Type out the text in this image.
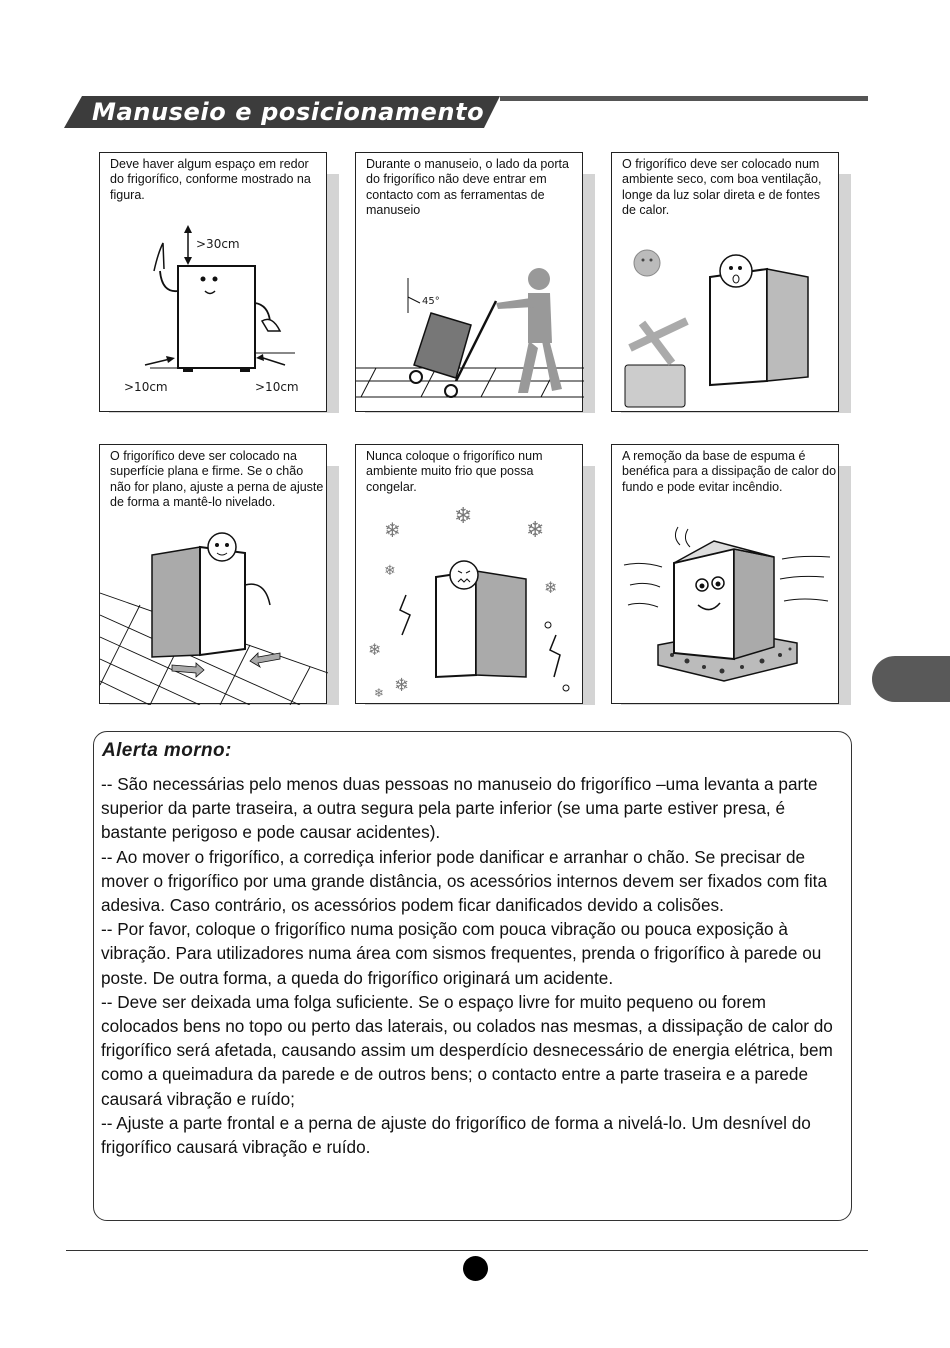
Manuseio e posicionamento
Deve haver algum espaço em redor do frigorífico, conforme mostrado na figura.
>30cm
>10cm	>10cm
Durante o manuseio, o lado da porta do frigorífico não deve entrar em contacto com as ferramentas de manuseio
45°
O frigorífico deve ser colocado num ambiente seco, com boa ventilação, longe da luz solar direta e de fontes de calor.
O frigorífico deve ser colocado na superfície plana e firme. Se o chão não for plano, ajuste a perna de ajuste de forma a mantê-lo nivelado.
❄
❄
❄
❄
❄
❄
❄
❄
Nunca coloque o frigorífico num ambiente muito frio que possa congelar.
A remoção da base de espuma é benéfica para a dissipação de calor do fundo e pode evitar incêndio.
Alerta morno:

-- São necessárias pelo menos duas pessoas no manuseio do frigorífico –uma levanta a parte superior da parte traseira, a outra segura pela parte inferior (se uma parte estiver presa, é bastante perigoso e pode causar acidentes).

-- Ao mover o frigorífico, a corrediça inferior pode danificar e arranhar o chão. Se precisar de mover o frigorífico por uma grande distância, os acessórios internos devem ser fixados com fita adesiva. Caso contrário, os acessórios podem ficar danificados devido a colisões.

-- Por favor, coloque o frigorífico numa posição com pouca vibração ou pouca exposição à vibração. Para utilizadores numa área com sismos frequentes, prenda o frigorífico à parede ou poste. De outra forma, a queda do frigorífico originará um acidente.

-- Deve ser deixada uma folga suficiente. Se o espaço livre for muito pequeno ou forem colocados bens no topo ou perto das laterais, ou colados nas mesmas, a dissipação de calor do frigorífico será afetada, causando assim um desperdício desnecessário de energia elétrica, bem como a queimadura da parede e de outros bens; o contacto entre a parte traseira e a parede causará vibração e ruído;

-- Ajuste a parte frontal e a perna de ajuste do frigorífico de forma a nivelá-lo. Um desnível do frigorífico causará vibração e ruído.
